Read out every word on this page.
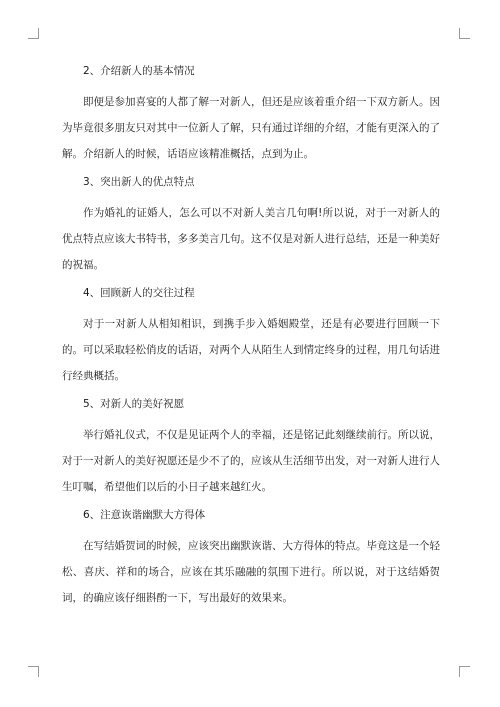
2、介绍新人的基本情况

即便是参加喜宴的人都了解一对新人，但还是应该着重介绍一下双方新人。因为毕竟很多朋友只对其中一位新人了解，只有通过详细的介绍，才能有更深入的了解。介绍新人的时候，话语应该精准概括，点到为止。

3、突出新人的优点特点

作为婚礼的证婚人，怎么可以不对新人美言几句啊!所以说，对于一对新人的优点特点应该大书特书，多多美言几句。这不仅是对新人进行总结，还是一种美好的祝福。

4、回顾新人的交往过程

对于一对新人从相知相识，到携手步入婚姻殿堂，还是有必要进行回顾一下的。可以采取轻松俏皮的话语，对两个人从陌生人到情定终身的过程，用几句话进行经典概括。

5、对新人的美好祝愿

举行婚礼仪式，不仅是见证两个人的幸福，还是铭记此刻继续前行。所以说，对于一对新人的美好祝愿还是少不了的，应该从生活细节出发，对一对新人进行人生叮嘱，希望他们以后的小日子越来越红火。

6、注意诙谐幽默大方得体

在写结婚贺词的时候，应该突出幽默诙谐、大方得体的特点。毕竟这是一个轻松、喜庆、祥和的场合，应该在其乐融融的氛围下进行。所以说，对于这结婚贺词，的确应该仔细斟酌一下，写出最好的效果来。
